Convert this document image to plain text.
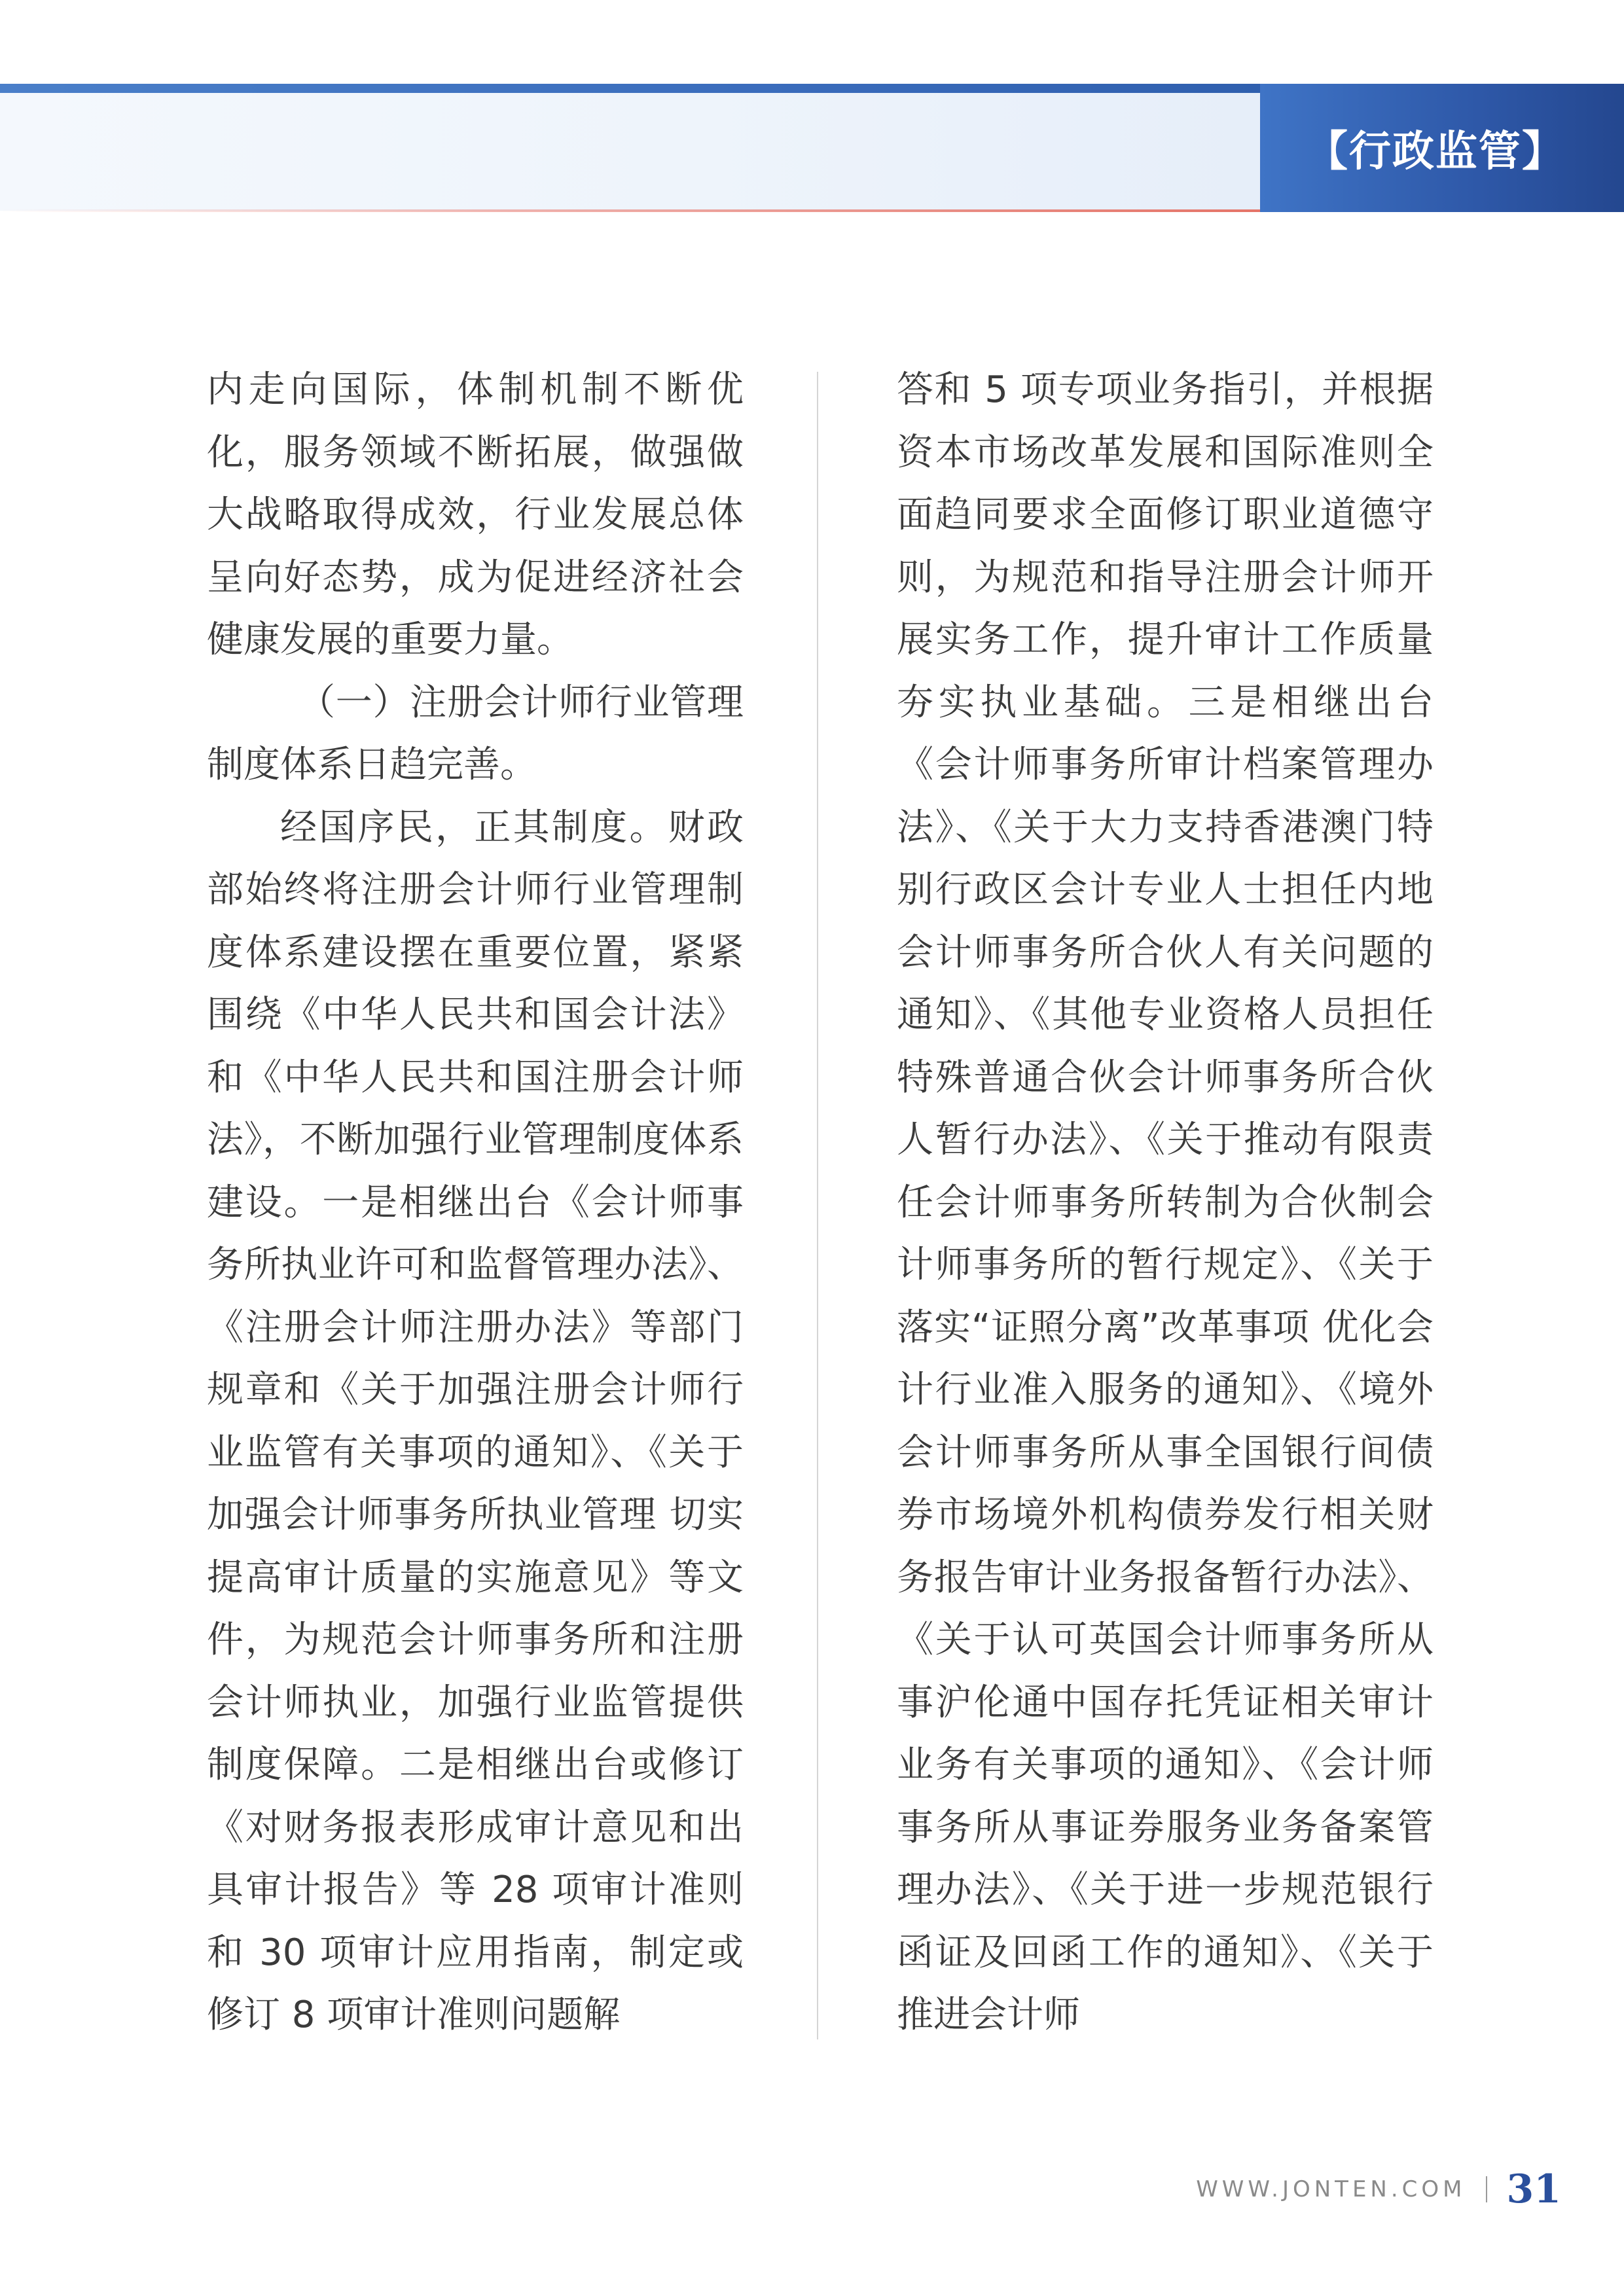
【行政监管】

内走向国际，体制机制不断优化，服务领域不断拓展，做强做大战略取得成效，行业发展总体呈向好态势，成为促进经济社会健康发展的重要力量。

（一）注册会计师行业管理制度体系日趋完善。

经国序民，正其制度。财政部始终将注册会计师行业管理制度体系建设摆在重要位置，紧紧围绕《中华人民共和国会计法》和《中华人民共和国注册会计师法》，不断加强行业管理制度体系建设。一是相继出台《会计师事务所执业许可和监督管理办法》、《注册会计师注册办法》等部门规章和《关于加强注册会计师行业监管有关事项的通知》、《关于加强会计师事务所执业管理 切实提高审计质量的实施意见》等文件，为规范会计师事务所和注册会计师执业，加强行业监管提供制度保障。二是相继出台或修订《对财务报表形成审计意见和出具审计报告》等 28 项审计准则和 30 项审计应用指南，制定或修订 8 项审计准则问题解

答和 5 项专项业务指引，并根据资本市场改革发展和国际准则全面趋同要求全面修订职业道德守则，为规范和指导注册会计师开展实务工作，提升审计工作质量夯实执业基础。三是相继出台《会计师事务所审计档案管理办法》、《关于大力支持香港澳门特别行政区会计专业人士担任内地会计师事务所合伙人有关问题的通知》、《其他专业资格人员担任特殊普通合伙会计师事务所合伙人暂行办法》、《关于推动有限责任会计师事务所转制为合伙制会计师事务所的暂行规定》、《关于落实“证照分离”改革事项 优化会计行业准入服务的通知》、《境外会计师事务所从事全国银行间债券市场境外机构债券发行相关财务报告审计业务报备暂行办法》、《关于认可英国会计师事务所从事沪伦通中国存托凭证相关审计业务有关事项的通知》、《会计师事务所从事证券服务业务备案管理办法》、《关于进一步规范银行函证及回函工作的通知》、《关于推进会计师

WWW.JONTEN.COM 31
